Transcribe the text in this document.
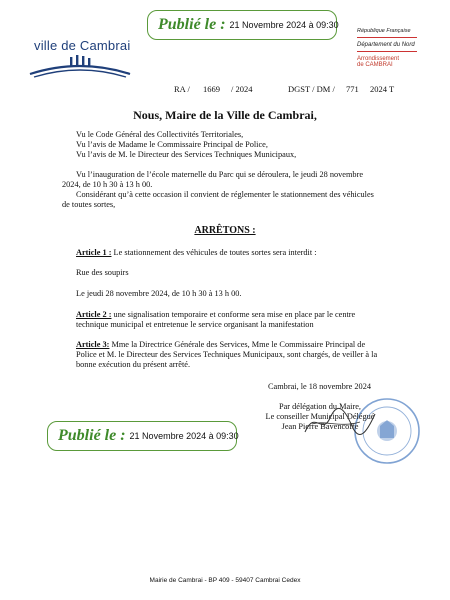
Publié le : 21 Novembre 2024 à 09:30
ville de Cambrai
République Française
Département du Nord
Arrondissement
de CAMBRAI
RA / 1669 / 2024	DGST / DM / 771 2024 T
Nous, Maire de la Ville de Cambrai,
Vu le Code Général des Collectivités Territoriales,
Vu l’avis de Madame le Commissaire Principal de Police,
Vu l’avis de M. le Directeur des Services Techniques Municipaux,
Vu l’inauguration de l’école maternelle du Parc qui se déroulera, le jeudi 28 novembre
2024, de 10 h 30 à 13 h 00.
Considérant qu’à cette occasion il convient de réglementer le stationnement des véhicules
de toutes sortes,
ARRÊTONS :
Article 1 : Le stationnement des véhicules de toutes sortes sera interdit :
Rue des soupirs
Le jeudi 28 novembre 2024, de 10 h 30 à 13 h 00.
Article 2 : une signalisation temporaire et conforme sera mise en place par le centre
technique municipal et entretenue le service organisant la manifestation
Article 3: Mme la Directrice Générale des Services, Mme le Commissaire Principal de
Police et M. le Directeur des Services Techniques Municipaux, sont chargés, de veiller à la
bonne exécution du présent arrêté.
Cambrai, le 18 novembre 2024
Par délégation du Maire,
Le conseiller Municipal Délégué
Jean Pierre Bavencoffe
Publié le : 21 Novembre 2024 à 09:30
Mairie de Cambrai - BP 409 - 59407 Cambrai Cedex
